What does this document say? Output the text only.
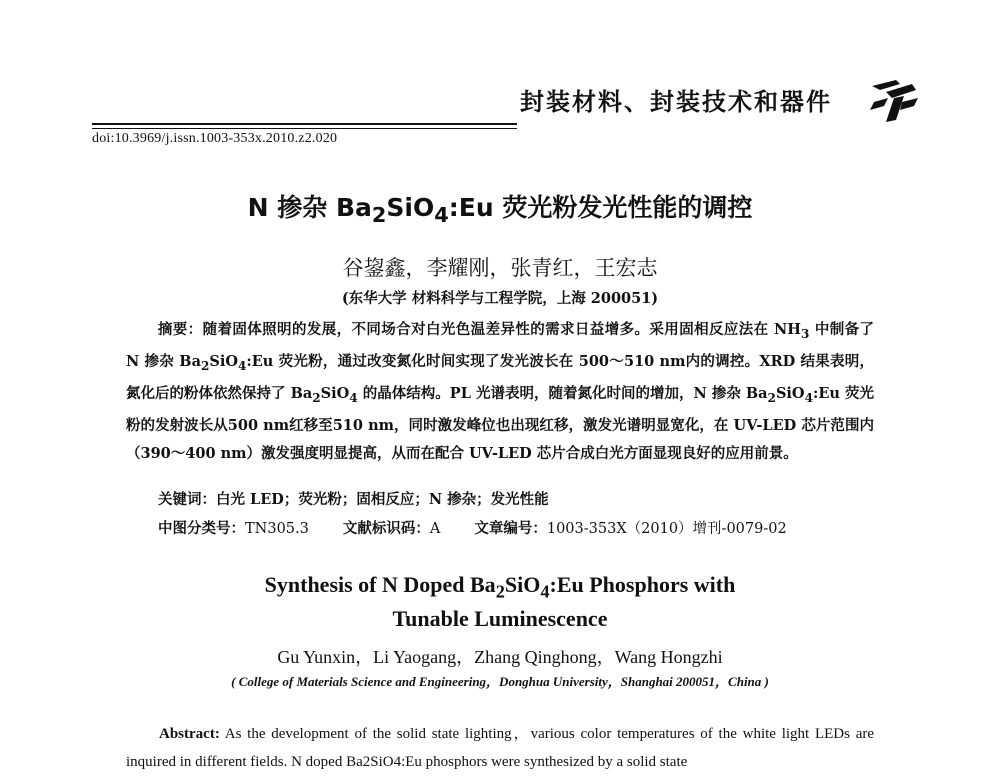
封装材料、封装技术和器件
doi:10.3969/j.issn.1003-353x.2010.z2.020
N 掺杂 $Ba_2SiO_4:Eu$ 荧光粉发光性能的调控
谷鋆鑫，李耀刚，张青红，王宏志
(东华大学 材料科学与工程学院，上海 200051)
摘要：随着固体照明的发展，不同场合对白光色温差异性的需求日益增多。采用固相反应法在 $NH_3$ 中制备了 N 掺杂 $Ba_2SiO_4:Eu$ 荧光粉，通过改变氮化时间实现了发光波长在 500～510 nm内的调控。XRD 结果表明，氮化后的粉体依然保持了 $Ba_2SiO_4$ 的晶体结构。PL 光谱表明，随着氮化时间的增加，N 掺杂 $Ba_2SiO_4:Eu$ 荧光粉的发射波长从500 nm红移至510 nm，同时激发峰位也出现红移，激发光谱明显宽化，在 UV-LED 芯片范围内（390～400 nm）激发强度明显提高，从而在配合 UV-LED 芯片合成白光方面显现良好的应用前景。
关键词：白光 LED；荧光粉；固相反应；N 掺杂；发光性能
中图分类号：TN305.3 文献标识码：A 文章编号：1003-353X（2010）增刊-0079-02
Synthesis of N Doped $Ba_2SiO_4:Eu$ Phosphors with
Tunable Luminescence
Gu Yunxin，Li Yaogang，Zhang Qinghong，Wang Hongzhi
( College of Materials Science and Engineering，Donghua University，Shanghai 200051，China )
Abstract: As the development of the solid state lighting，various color temperatures of the white light LEDs are inquired in different fields. N doped Ba2SiO4:Eu phosphors were synthesized by a solid state
